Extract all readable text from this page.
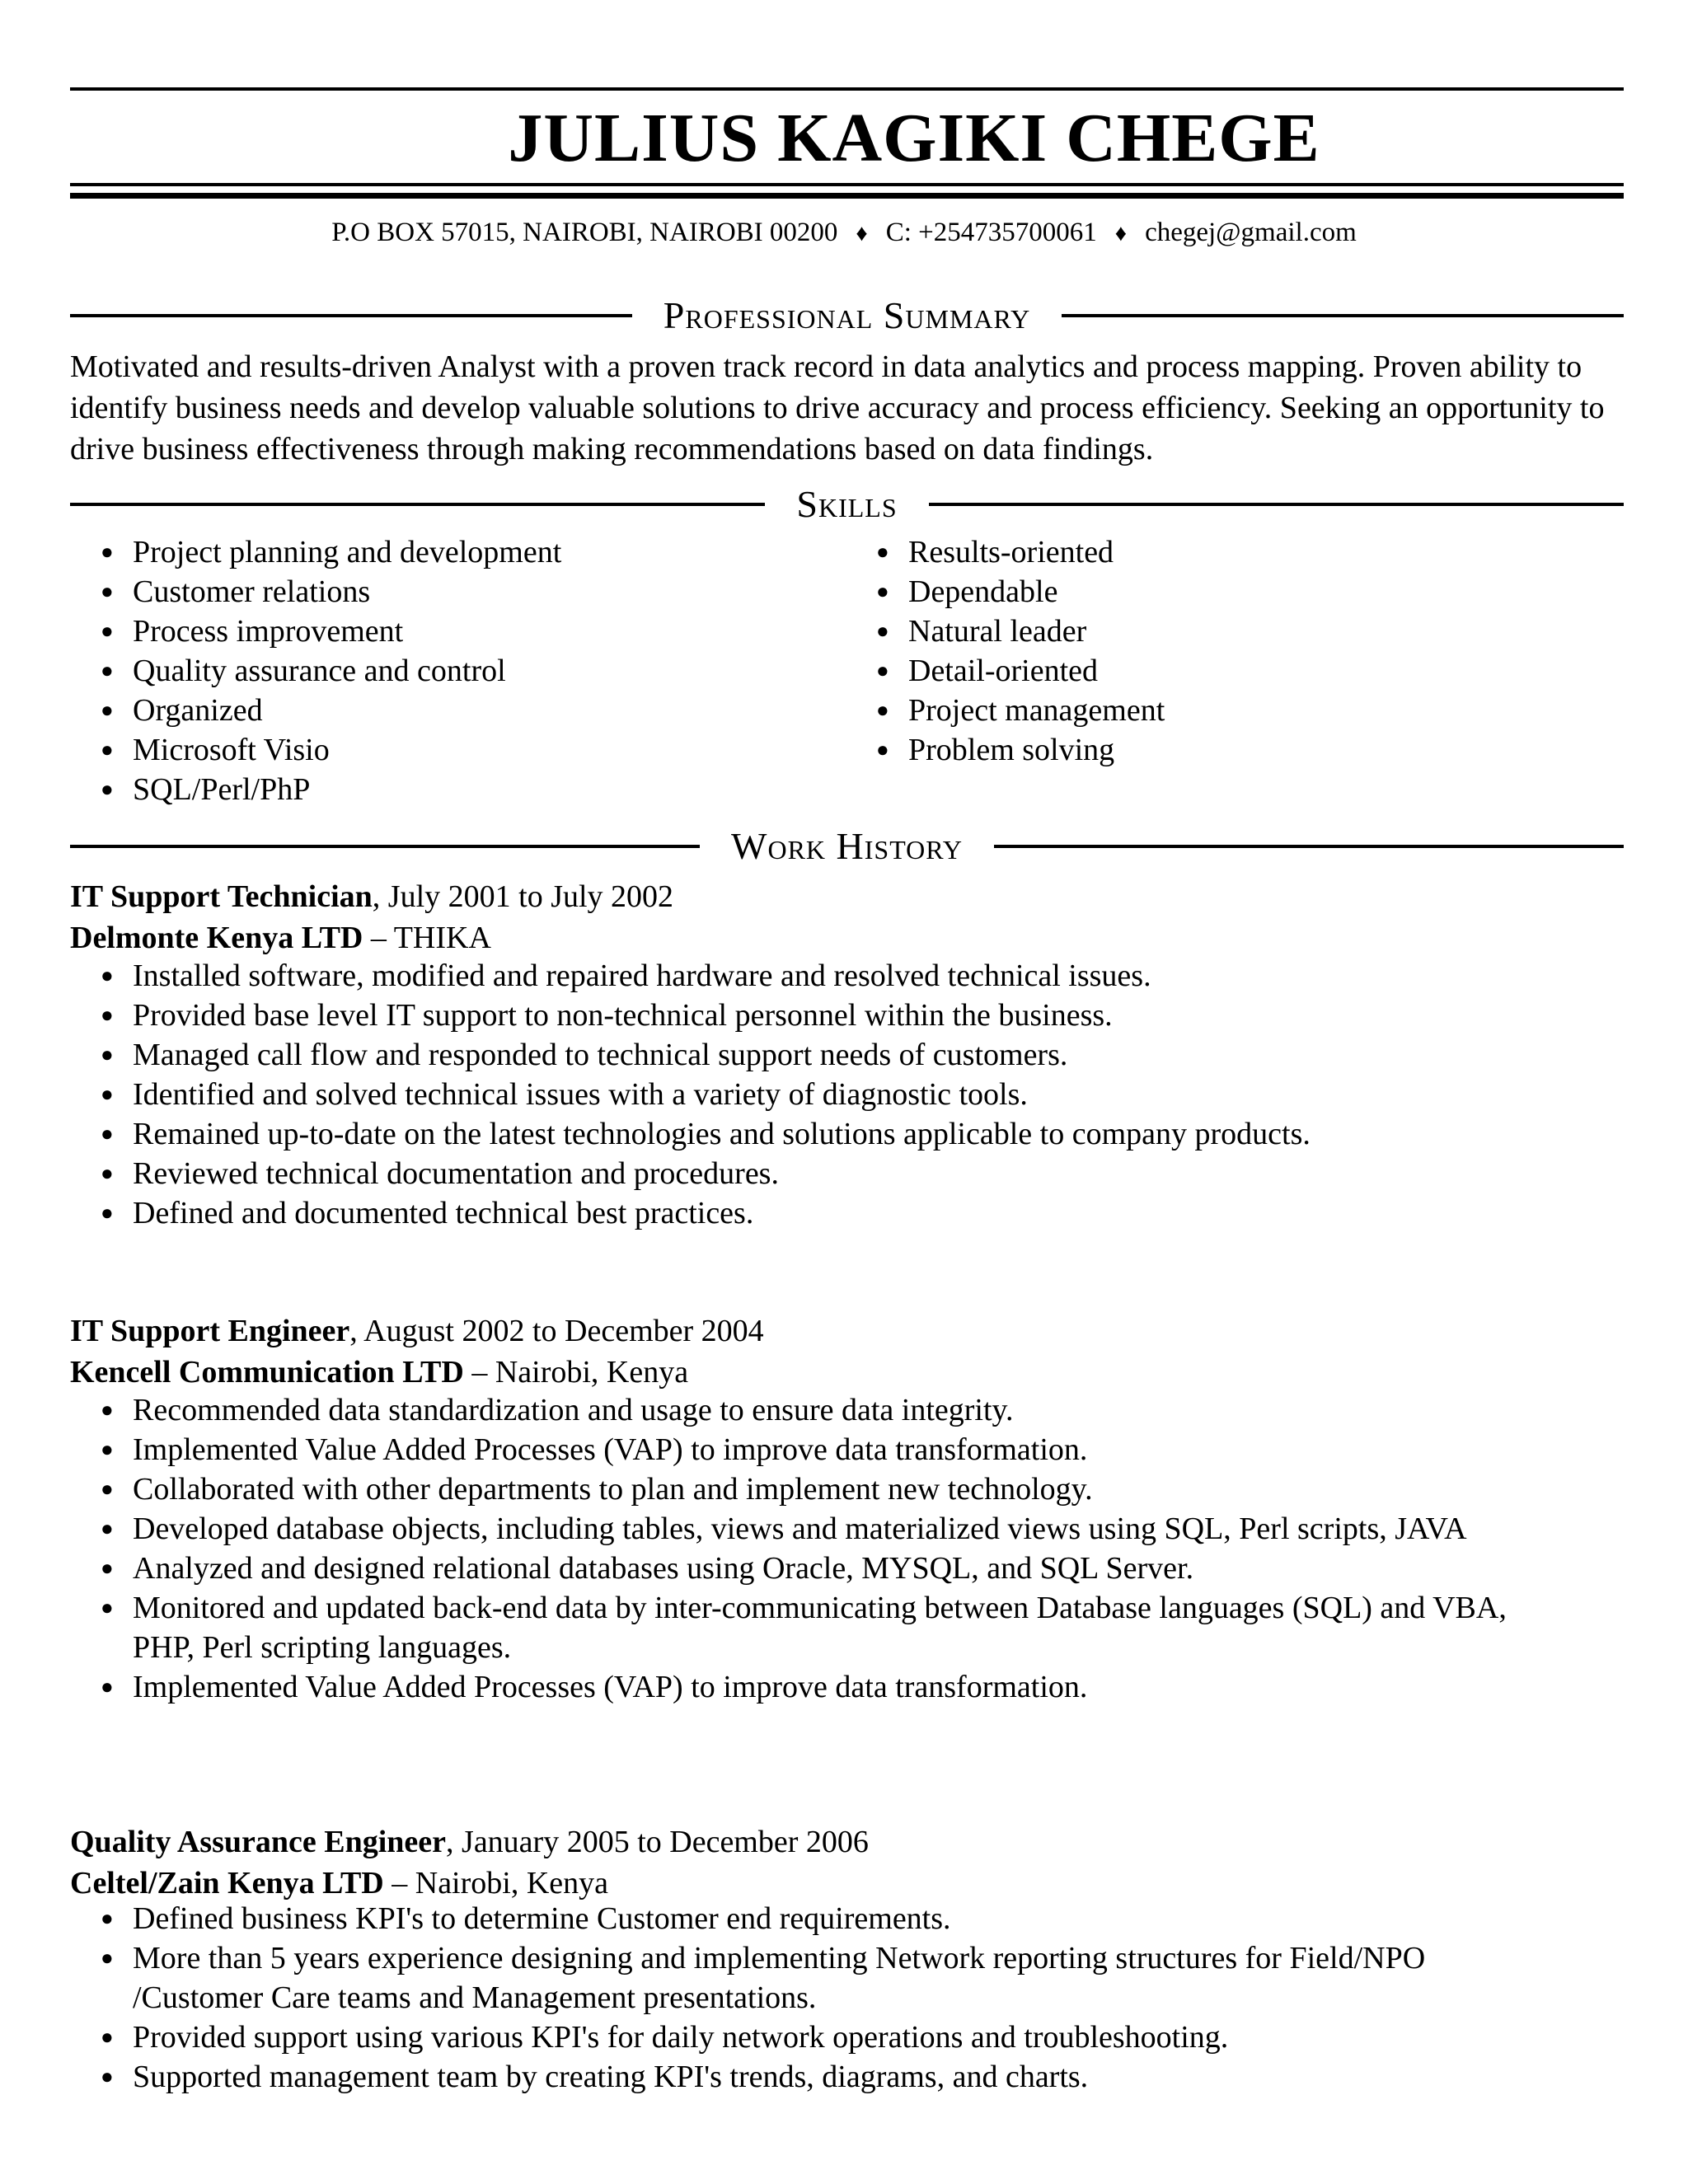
JULIUS KAGIKI CHEGE
P.O BOX 57015, NAIROBI, NAIROBI 00200 ♦ C: +254735700061 ♦ chegej@gmail.com
Professional Summary
Motivated and results-driven Analyst with a proven track record in data analytics and process mapping. Proven ability to identify business needs and develop valuable solutions to drive accuracy and process efficiency. Seeking an opportunity to drive business effectiveness through making recommendations based on data findings.
Skills
● Project planning and development
● Customer relations
● Process improvement
● Quality assurance and control
● Organized
● Microsoft Visio
● SQL/Perl/PhP
● Results-oriented
● Dependable
● Natural leader
● Detail-oriented
● Project management
● Problem solving
Work History
IT Support Technician, July 2001 to July 2002
Delmonte Kenya LTD – THIKA
● Installed software, modified and repaired hardware and resolved technical issues.
● Provided base level IT support to non-technical personnel within the business.
● Managed call flow and responded to technical support needs of customers.
● Identified and solved technical issues with a variety of diagnostic tools.
● Remained up-to-date on the latest technologies and solutions applicable to company products.
● Reviewed technical documentation and procedures.
● Defined and documented technical best practices.
IT Support Engineer, August 2002 to December 2004
Kencell Communication LTD – Nairobi, Kenya
● Recommended data standardization and usage to ensure data integrity.
● Implemented Value Added Processes (VAP) to improve data transformation.
● Collaborated with other departments to plan and implement new technology.
● Developed database objects, including tables, views and materialized views using SQL, Perl scripts, JAVA
● Analyzed and designed relational databases using Oracle, MYSQL, and SQL Server.
● Monitored and updated back-end data by inter-communicating between Database languages (SQL) and VBA, PHP, Perl scripting languages.
● Implemented Value Added Processes (VAP) to improve data transformation.
Quality Assurance Engineer, January 2005 to December 2006
Celtel/Zain Kenya LTD – Nairobi, Kenya
● Defined business KPI's to determine Customer end requirements.
● More than 5 years experience designing and implementing Network reporting structures for Field/NPO /Customer Care teams and Management presentations.
● Provided support using various KPI's for daily network operations and troubleshooting.
● Supported management team by creating KPI's trends, diagrams, and charts.
